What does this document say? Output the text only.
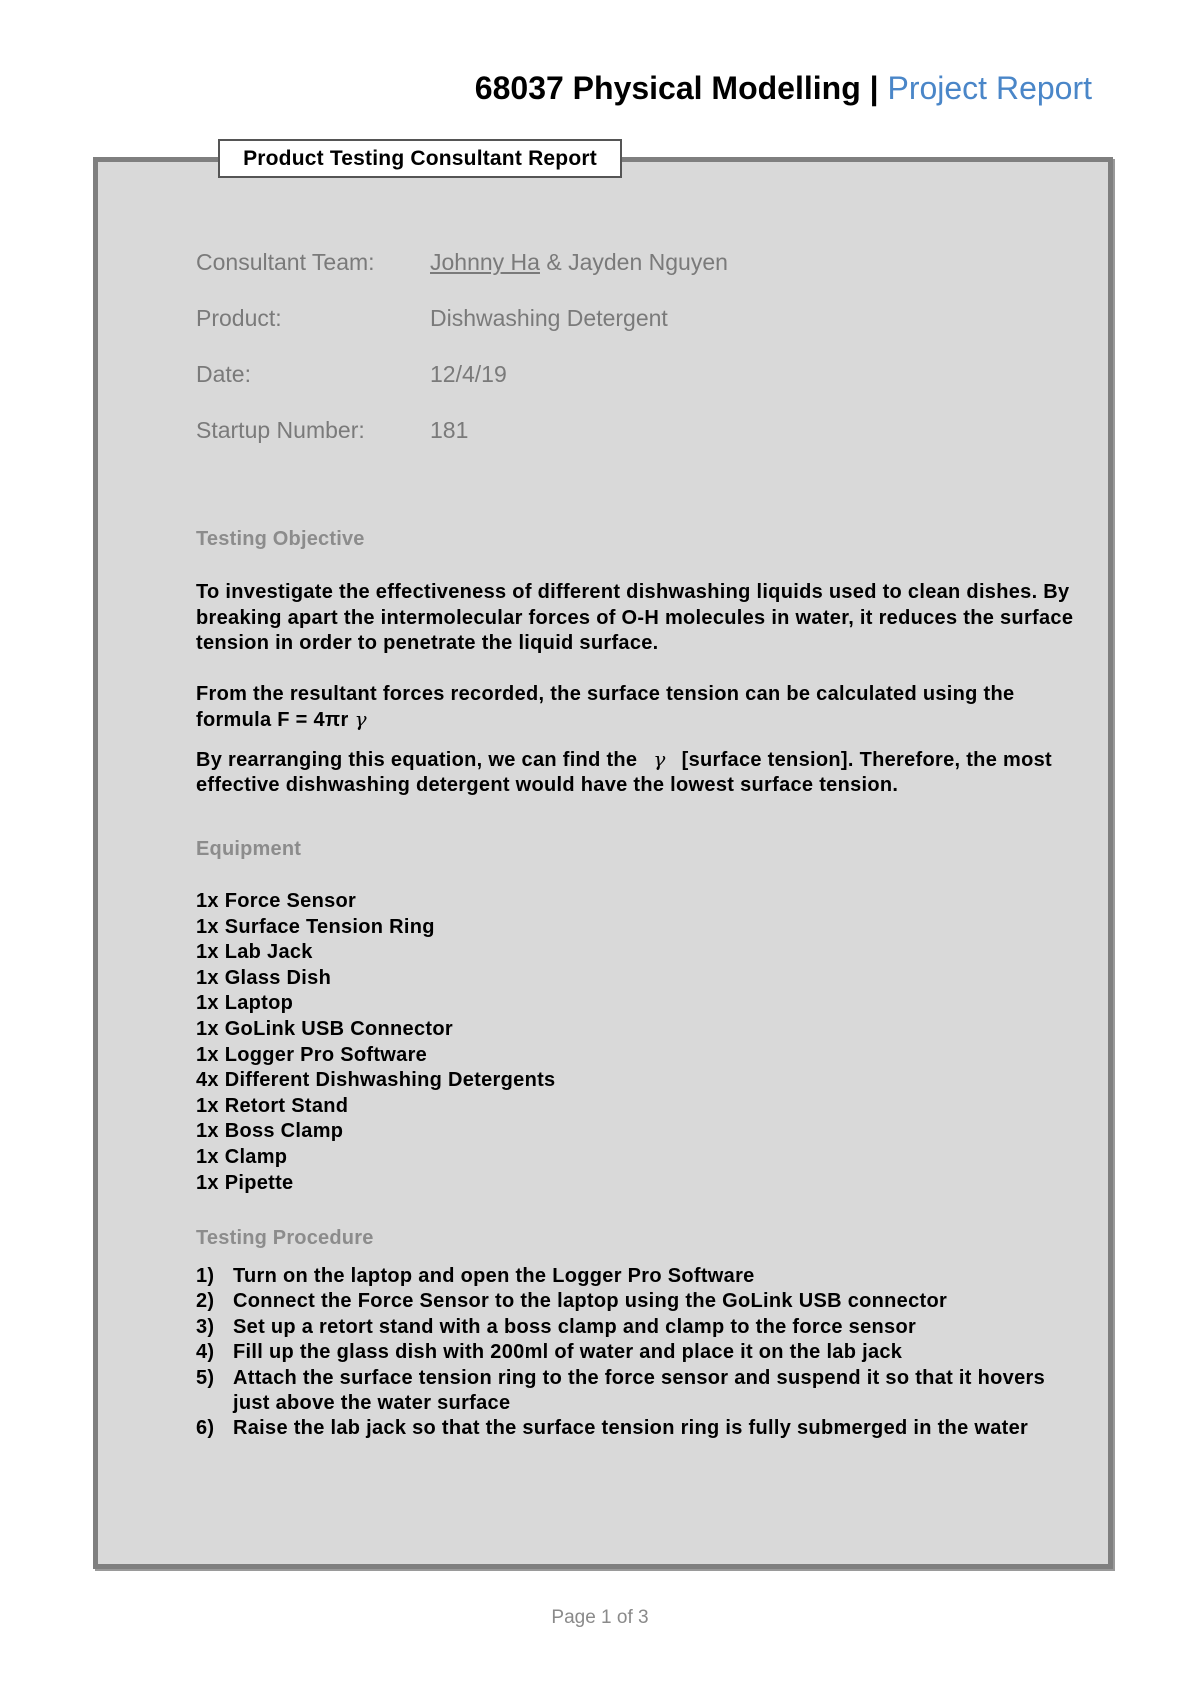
68037 Physical Modelling | Project Report
Product Testing Consultant Report
Consultant Team:	Johnny Ha & Jayden Nguyen
Product:	Dishwashing Detergent
Date:	12/4/19
Startup Number:	181
Testing Objective

To investigate the effectiveness of different dishwashing liquids used to clean dishes. By breaking apart the intermolecular forces of O-H molecules in water, it reduces the surface tension in order to penetrate the liquid surface.

From the resultant forces recorded, the surface tension can be calculated using the formula F = 4πr γ

By rearranging this equation, we can find the γ [surface tension]. Therefore, the most effective dishwashing detergent would have the lowest surface tension.

Equipment
1x Force Sensor
1x Surface Tension Ring
1x Lab Jack
1x Glass Dish
1x Laptop
1x GoLink USB Connector
1x Logger Pro Software
4x Different Dishwashing Detergents
1x Retort Stand
1x Boss Clamp
1x Clamp
1x Pipette
Testing Procedure
1) Turn on the laptop and open the Logger Pro Software
2) Connect the Force Sensor to the laptop using the GoLink USB connector
3) Set up a retort stand with a boss clamp and clamp to the force sensor
4) Fill up the glass dish with 200ml of water and place it on the lab jack
5) Attach the surface tension ring to the force sensor and suspend it so that it hovers just above the water surface
6) Raise the lab jack so that the surface tension ring is fully submerged in the water
Page 1 of 3
